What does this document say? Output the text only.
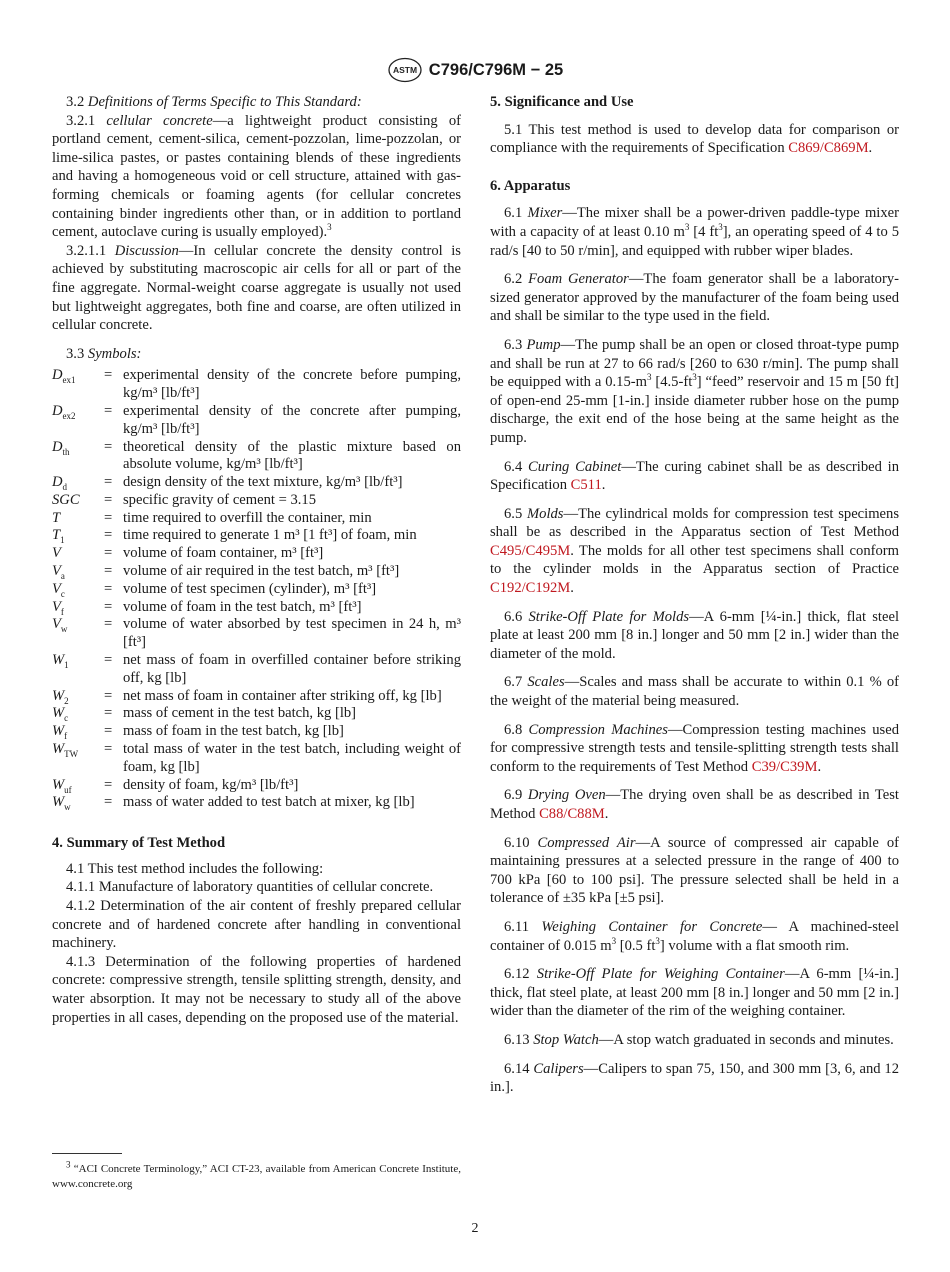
ASTM C796/C796M − 25

3.2 Definitions of Terms Specific to This Standard:

3.2.1 cellular concrete—a lightweight product consisting of portland cement, cement-silica, cement-pozzolan, lime-pozzolan, or lime-silica pastes, or pastes containing blends of these ingredients and having a homogeneous void or cell structure, attained with gas-forming chemicals or foaming agents (for cellular concretes containing binder ingredients other than, or in addition to portland cement, autoclave curing is usually employed).$^3$

3.2.1.1 Discussion—In cellular concrete the density control is achieved by substituting macroscopic air cells for all or part of the fine aggregate. Normal-weight coarse aggregate is usually not used but lightweight aggregates, both fine and coarse, are often utilized in cellular concrete.

3.3 Symbols:

$D_{ex1}$	= experimental density of the concrete before pumping, kg/m³ [lb/ft³]
$D_{ex2}$	= experimental density of the concrete after pumping, kg/m³ [lb/ft³]
$D_{th}$	= theoretical density of the plastic mixture based on absolute volume, kg/m³ [lb/ft³]
$D_d$	= design density of the text mixture, kg/m³ [lb/ft³]
SGC	= specific gravity of cement = 3.15
T	= time required to overfill the container, min
$T_1$	= time required to generate 1 m³ [1 ft³] of foam, min
V	= volume of foam container, m³ [ft³]
$V_a$	= volume of air required in the test batch, m³ [ft³]
$V_c$	= volume of test specimen (cylinder), m³ [ft³]
$V_f$	= volume of foam in the test batch, m³ [ft³]
$V_w$	= volume of water absorbed by test specimen in 24 h, m³ [ft³]
$W_1$	= net mass of foam in overfilled container before striking off, kg [lb]
$W_2$	= net mass of foam in container after striking off, kg [lb]
$W_c$	= mass of cement in the test batch, kg [lb]
$W_f$	= mass of foam in the test batch, kg [lb]
$W_{TW}$	= total mass of water in the test batch, including weight of foam, kg [lb]
$W_{uf}$	= density of foam, kg/m³ [lb/ft³]
$W_w$	= mass of water added to test batch at mixer, kg [lb]

4. Summary of Test Method

4.1 This test method includes the following:

4.1.1 Manufacture of laboratory quantities of cellular concrete.

4.1.2 Determination of the air content of freshly prepared cellular concrete and of hardened concrete after handling in conventional machinery.

4.1.3 Determination of the following properties of hardened concrete: compressive strength, tensile splitting strength, density, and water absorption. It may not be necessary to study all of the above properties in all cases, depending on the proposed use of the material.

$^3$ “ACI Concrete Terminology,” ACI CT-23, available from American Concrete Institute, www.concrete.org

5. Significance and Use

5.1 This test method is used to develop data for comparison or compliance with the requirements of Specification C869/C869M.

6. Apparatus

6.1 Mixer—The mixer shall be a power-driven paddle-type mixer with a capacity of at least 0.10 $m^3$ [4 $ft^3$], an operating speed of 4 to 5 rad/s [40 to 50 r/min], and equipped with rubber wiper blades.

6.2 Foam Generator—The foam generator shall be a laboratory-sized generator approved by the manufacturer of the foam being used and shall be similar to the type used in the field.

6.3 Pump—The pump shall be an open or closed throat-type pump and shall be run at 27 to 66 rad/s [260 to 630 r/min]. The pump shall be equipped with a $0.15-m^3$ $[4.5-ft^3]$ “feed” reservoir and 15 m [50 ft] of open-end 25-mm [1-in.] inside diameter rubber hose on the pump discharge, the exit end of the hose being at the same height as the pump.

6.4 Curing Cabinet—The curing cabinet shall be as described in Specification C511.

6.5 Molds—The cylindrical molds for compression test specimens shall be as described in the Apparatus section of Test Method C495/C495M. The molds for all other test specimens shall conform to the cylinder molds in the Apparatus section of Practice C192/C192M.

6.6 Strike-Off Plate for Molds—A 6-mm [¼-in.] thick, flat steel plate at least 200 mm [8 in.] longer and 50 mm [2 in.] wider than the diameter of the mold.

6.7 Scales—Scales and mass shall be accurate to within 0.1 % of the weight of the material being measured.

6.8 Compression Machines—Compression testing machines used for compressive strength tests and tensile-splitting strength tests shall conform to the requirements of Test Method C39/C39M.

6.9 Drying Oven—The drying oven shall be as described in Test Method C88/C88M.

6.10 Compressed Air—A source of compressed air capable of maintaining pressures at a selected pressure in the range of 400 to 700 kPa [60 to 100 psi]. The pressure selected shall be held in a tolerance of ±35 kPa [±5 psi].

6.11 Weighing Container for Concrete— A machined-steel container of 0.015 $m^3$ [0.5 $ft^3$] volume with a flat smooth rim.

6.12 Strike-Off Plate for Weighing Container—A 6-mm [¼-in.] thick, flat steel plate, at least 200 mm [8 in.] longer and 50 mm [2 in.] wider than the diameter of the rim of the weighing container.

6.13 Stop Watch—A stop watch graduated in seconds and minutes.

6.14 Calipers—Calipers to span 75, 150, and 300 mm [3, 6, and 12 in.].

2
